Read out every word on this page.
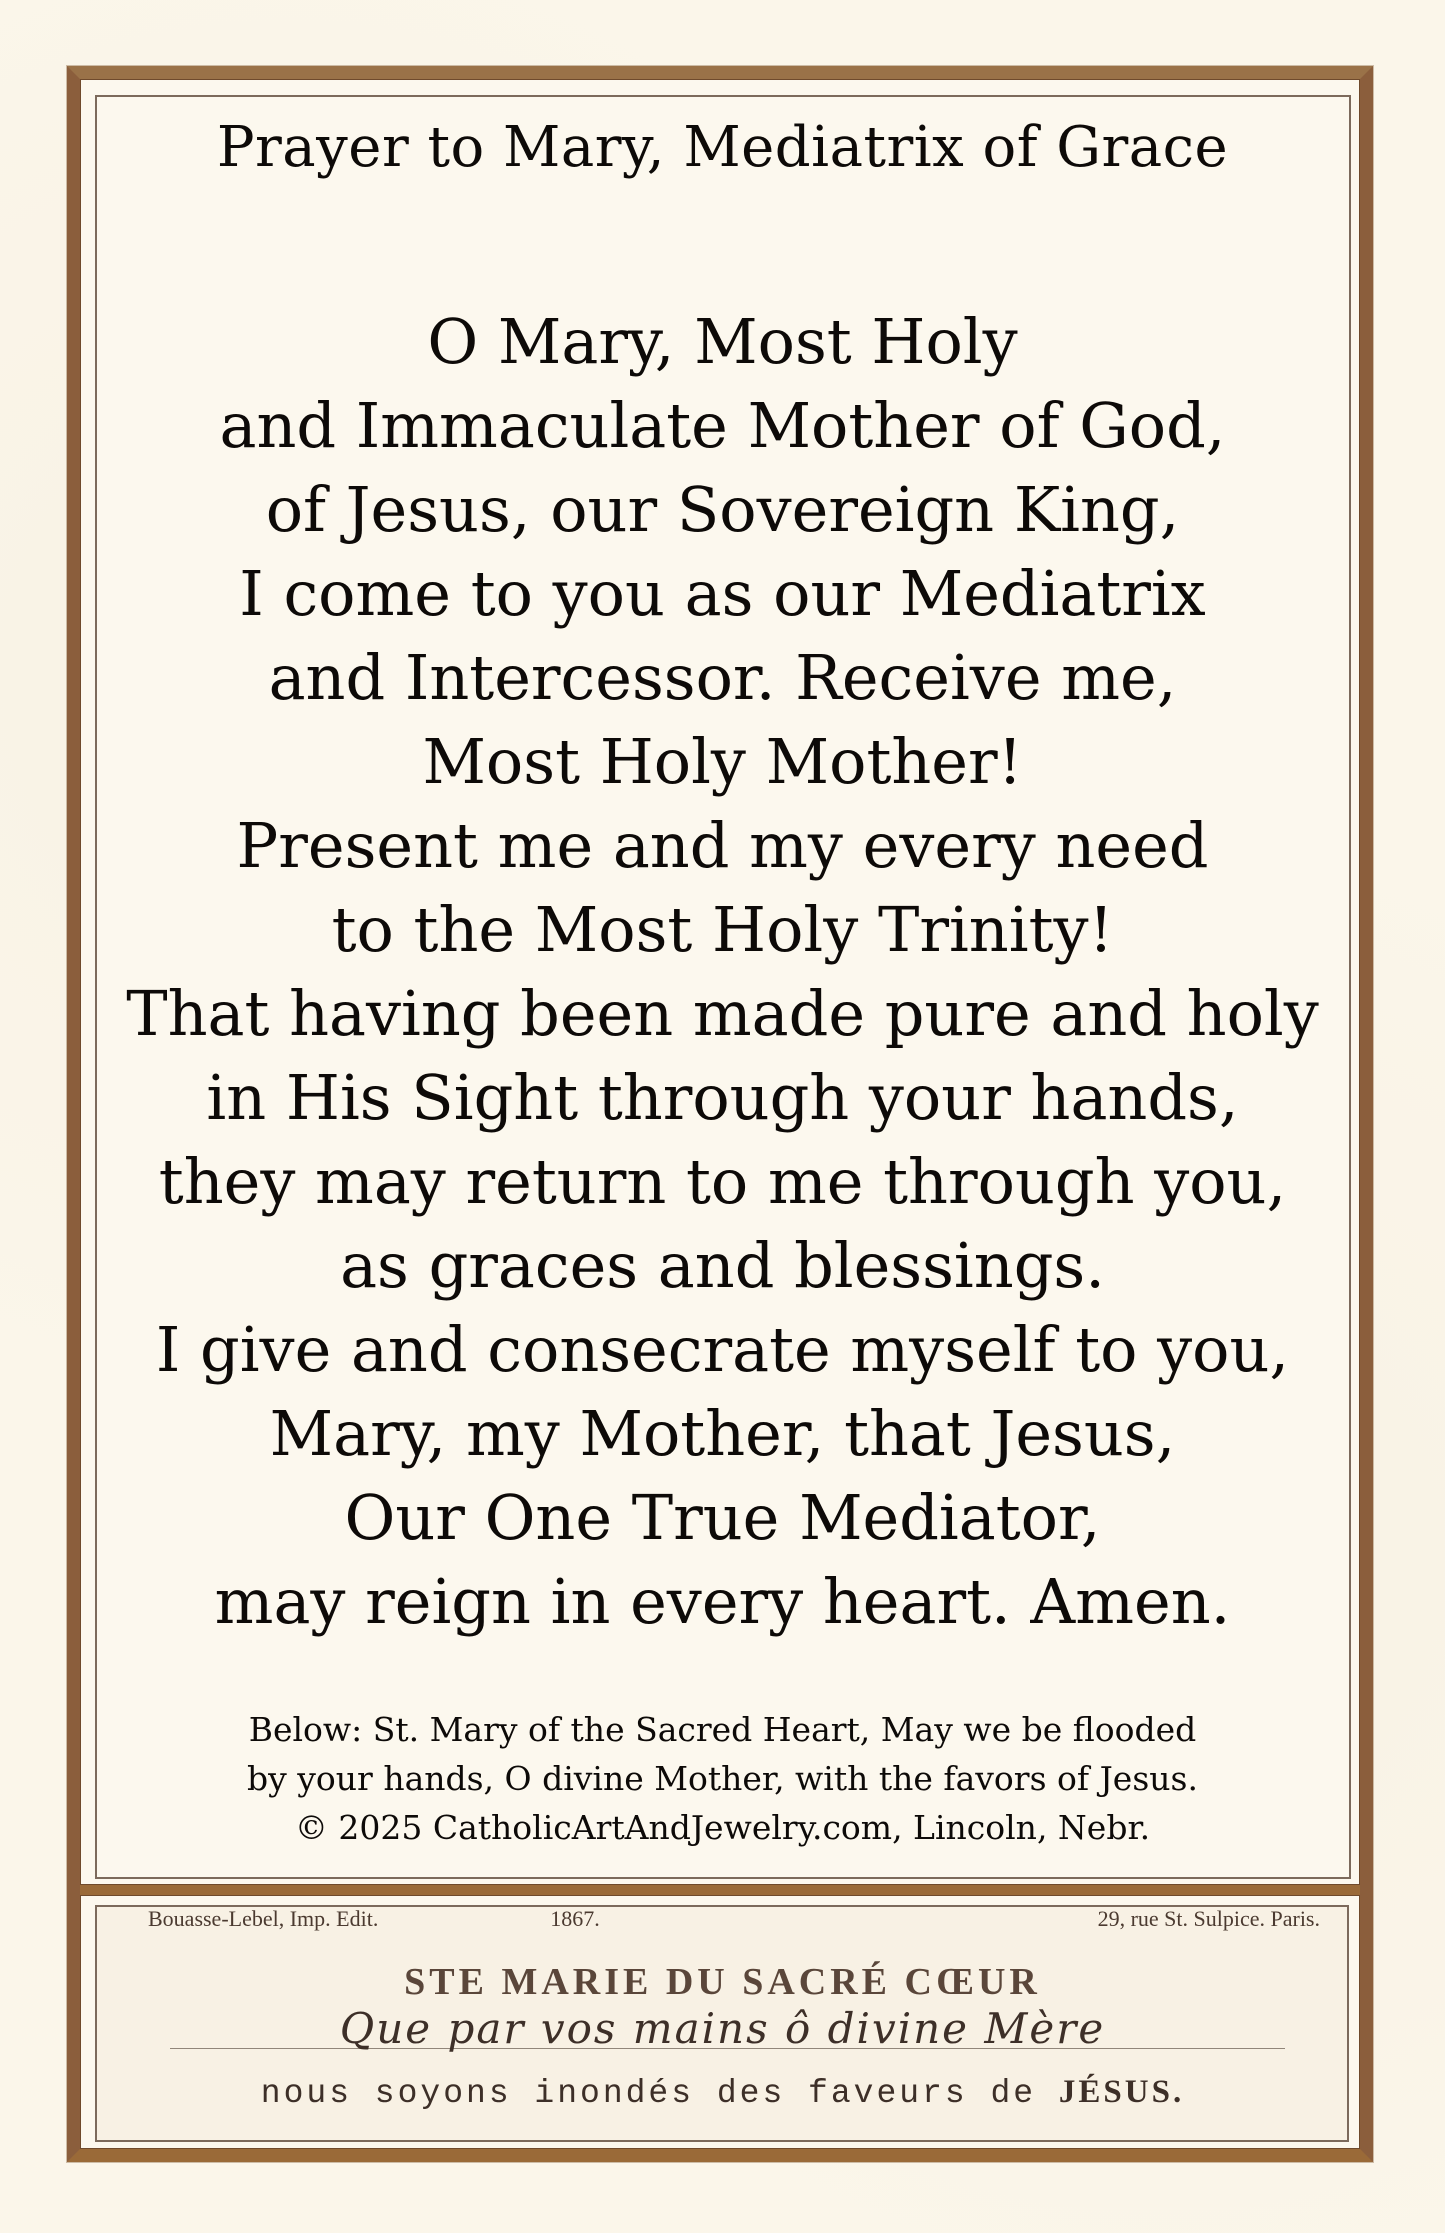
Prayer to Mary, Mediatrix of Grace
O Mary, Most Holy
and Immaculate Mother of God,
of Jesus, our Sovereign King,
I come to you as our Mediatrix
and Intercessor. Receive me,
Most Holy Mother!
Present me and my every need
to the Most Holy Trinity!
That having been made pure and holy
in His Sight through your hands,
they may return to me through you,
as graces and blessings.
I give and consecrate myself to you,
Mary, my Mother, that Jesus,
Our One True Mediator,
may reign in every heart. Amen.
Below: St. Mary of the Sacred Heart, May we be flooded
by your hands, O divine Mother, with the favors of Jesus.
© 2025 CatholicArtAndJewelry.com, Lincoln, Nebr.
Bouasse-Lebel, Imp. Edit.	1867.	29, rue St. Sulpice. Paris.
STE MARIE DU SACRÉ CŒUR
Que par vos mains ô divine Mère
nous soyons inondés des faveurs de JÉSUS.
